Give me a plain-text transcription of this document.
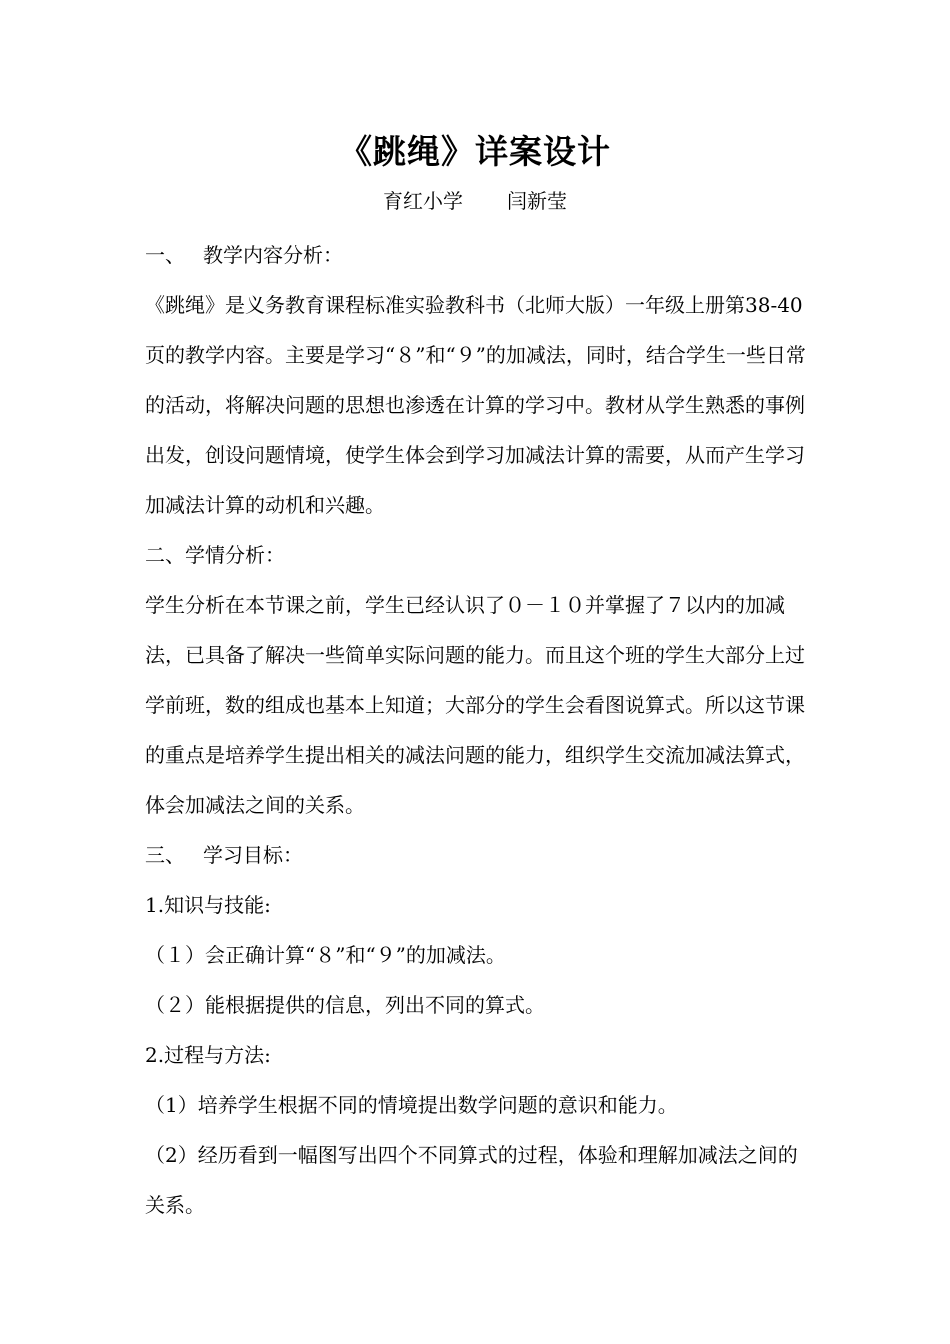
《跳绳》详案设计
育红小学 闫新莹

一、 教学内容分析：

《跳绳》是义务教育课程标准实验教科书（北师大版）一年级上册第38-40页的教学内容。主要是学习“８”和“９”的加减法，同时，结合学生一些日常的活动，将解决问题的思想也渗透在计算的学习中。教材从学生熟悉的事例出发，创设问题情境，使学生体会到学习加减法计算的需要，从而产生学习加减法计算的动机和兴趣。

二、学情分析：

学生分析在本节课之前，学生已经认识了０－１０并掌握了７以内的加减法，已具备了解决一些简单实际问题的能力。而且这个班的学生大部分上过学前班，数的组成也基本上知道；大部分的学生会看图说算式。所以这节课的重点是培养学生提出相关的减法问题的能力，组织学生交流加减法算式，体会加减法之间的关系。

三、 学习目标：

1.知识与技能:

（１）会正确计算“８”和“９”的加减法。

（２）能根据提供的信息，列出不同的算式。

2.过程与方法:

（1）培养学生根据不同的情境提出数学问题的意识和能力。

（2）经历看到一幅图写出四个不同算式的过程，体验和理解加减法之间的关系。
